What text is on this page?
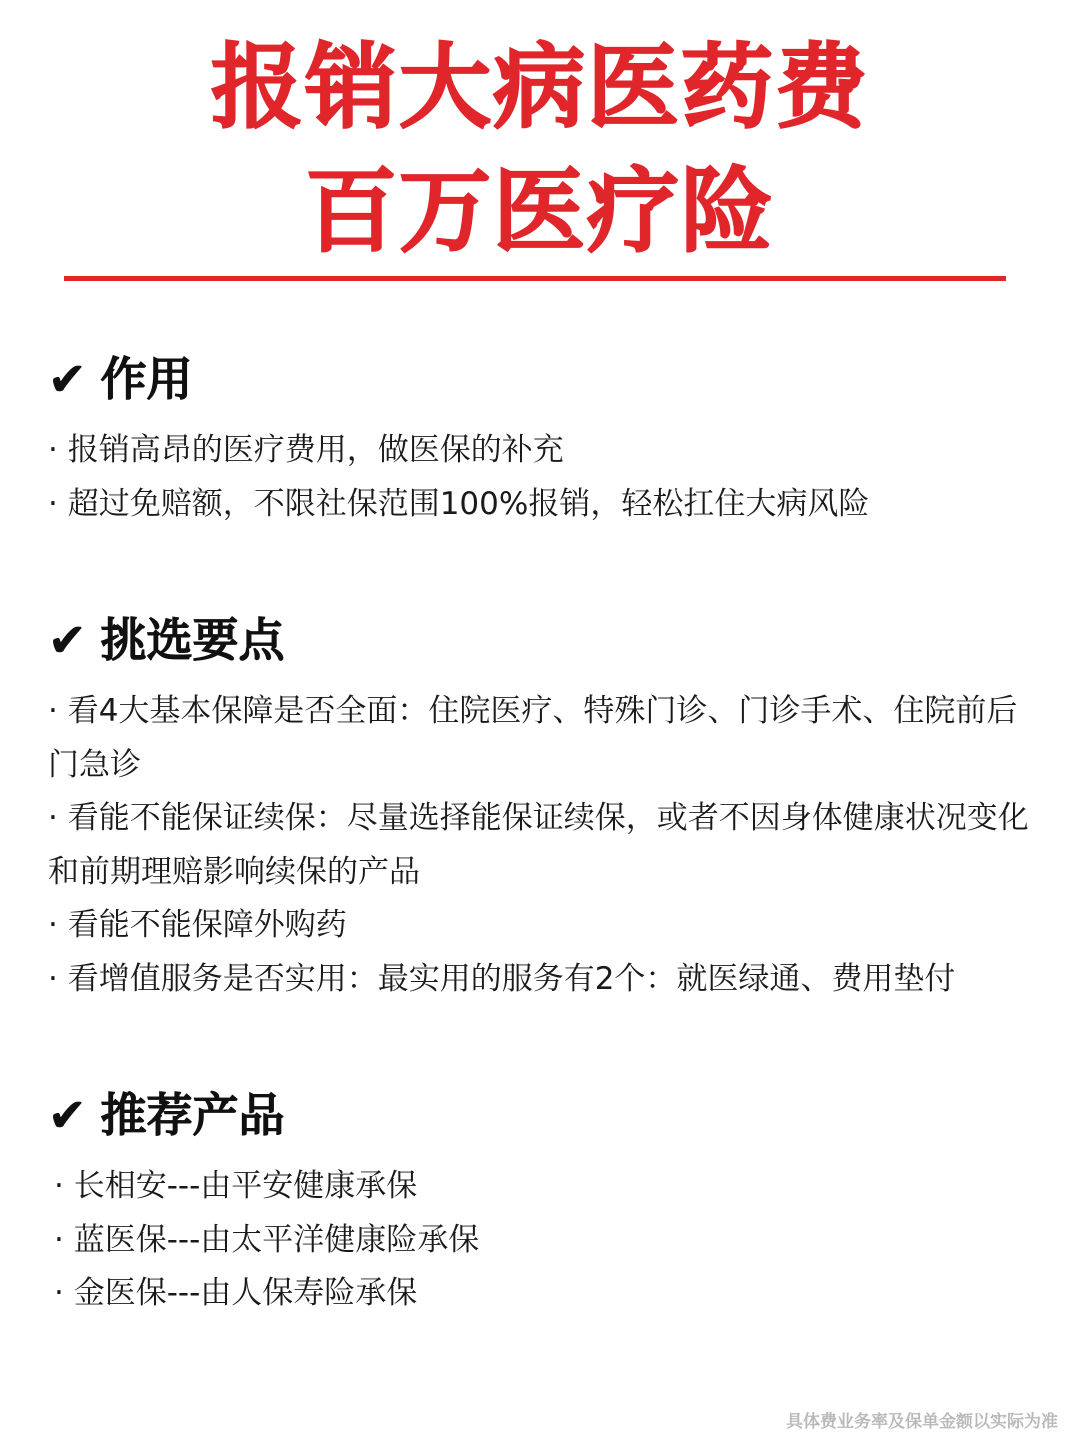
报销大病医药费
百万医疗险
✔ 作用

· 报销高昂的医疗费用，做医保的补充

· 超过免赔额，不限社保范围100%报销，轻松扛住大病风险

✔ 挑选要点

· 看4大基本保障是否全面：住院医疗、特殊门诊、门诊手术、住院前后门急诊

· 看能不能保证续保：尽量选择能保证续保，或者不因身体健康状况变化和前期理赔影响续保的产品

· 看能不能保障外购药

· 看增值服务是否实用：最实用的服务有2个：就医绿通、费用垫付

✔ 推荐产品

· 长相安---由平安健康承保

· 蓝医保---由太平洋健康险承保

· 金医保---由人保寿险承保

具体费业务率及保单金额以实际为准
